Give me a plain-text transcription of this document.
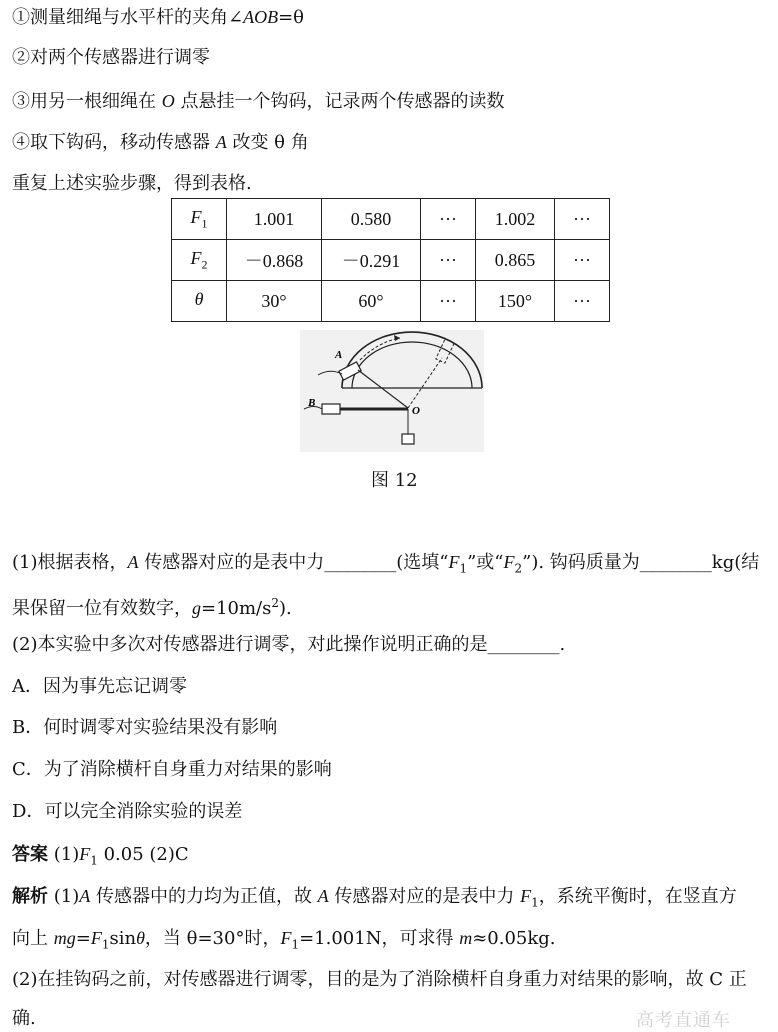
①测量细绳与水平杆的夹角∠AOB=θ
②对两个传感器进行调零
③用另一根细绳在 O 点悬挂一个钩码，记录两个传感器的读数
④取下钩码，移动传感器 A 改变 θ 角
重复上述实验步骤，得到表格.
$F_1$	1.001	0.580	···	1.002	···
$F_2$	－0.868	－0.291	···	0.865	···
θ	30°	60°	···	150°	···
A
B
O
图 12
(1)根据表格，A 传感器对应的是表中力________(选填“$F_1$”或“$F_2$”). 钩码质量为________kg(结
果保留一位有效数字，$g=10m/s^2$).
(2)本实验中多次对传感器进行调零，对此操作说明正确的是________.
A．因为事先忘记调零
B．何时调零对实验结果没有影响
C．为了消除横杆自身重力对结果的影响
D．可以完全消除实验的误差
答案 $(1)F_1$ 0.05 (2)C
解析 (1)A 传感器中的力均为正值，故 A 传感器对应的是表中力 $F_1$，系统平衡时，在竖直方
向上 $mg=F_1\sin\theta$，当 θ=30°时，$F_1=1.001N$，可求得 m≈0.05kg.
(2)在挂钩码之前，对传感器进行调零，目的是为了消除横杆自身重力对结果的影响，故 C 正
确.	高考直通车
